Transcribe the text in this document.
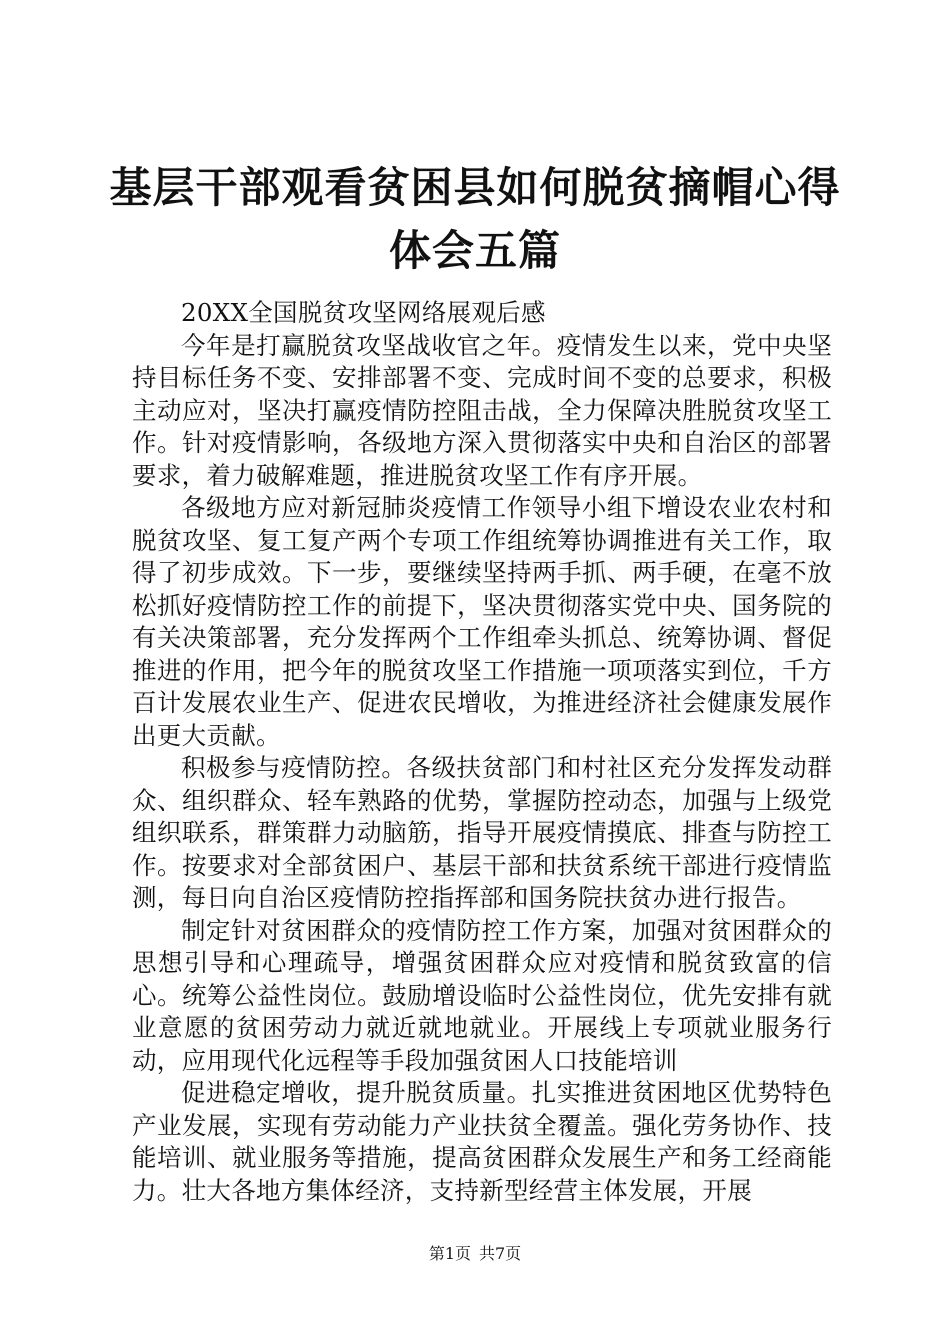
基层干部观看贫困县如何脱贫摘帽心得体会五篇

20XX全国脱贫攻坚网络展观后感

今年是打赢脱贫攻坚战收官之年。疫情发生以来，党中央坚持目标任务不变、安排部署不变、完成时间不变的总要求，积极主动应对，坚决打赢疫情防控阻击战，全力保障决胜脱贫攻坚工作。针对疫情影响，各级地方深入贯彻落实中央和自治区的部署要求，着力破解难题，推进脱贫攻坚工作有序开展。

各级地方应对新冠肺炎疫情工作领导小组下增设农业农村和脱贫攻坚、复工复产两个专项工作组统筹协调推进有关工作，取得了初步成效。下一步，要继续坚持两手抓、两手硬，在毫不放松抓好疫情防控工作的前提下，坚决贯彻落实党中央、国务院的有关决策部署，充分发挥两个工作组牵头抓总、统筹协调、督促推进的作用，把今年的脱贫攻坚工作措施一项项落实到位，千方百计发展农业生产、促进农民增收，为推进经济社会健康发展作出更大贡献。

积极参与疫情防控。各级扶贫部门和村社区充分发挥发动群众、组织群众、轻车熟路的优势，掌握防控动态，加强与上级党组织联系，群策群力动脑筋，指导开展疫情摸底、排查与防控工作。按要求对全部贫困户、基层干部和扶贫系统干部进行疫情监测，每日向自治区疫情防控指挥部和国务院扶贫办进行报告。

制定针对贫困群众的疫情防控工作方案，加强对贫困群众的思想引导和心理疏导，增强贫困群众应对疫情和脱贫致富的信心。统筹公益性岗位。鼓励增设临时公益性岗位，优先安排有就业意愿的贫困劳动力就近就地就业。开展线上专项就业服务行动，应用现代化远程等手段加强贫困人口技能培训

促进稳定增收，提升脱贫质量。扎实推进贫困地区优势特色产业发展，实现有劳动能力产业扶贫全覆盖。强化劳务协作、技能培训、就业服务等措施，提高贫困群众发展生产和务工经商能力。壮大各地方集体经济，支持新型经营主体发展，开展

第1页 共7页
